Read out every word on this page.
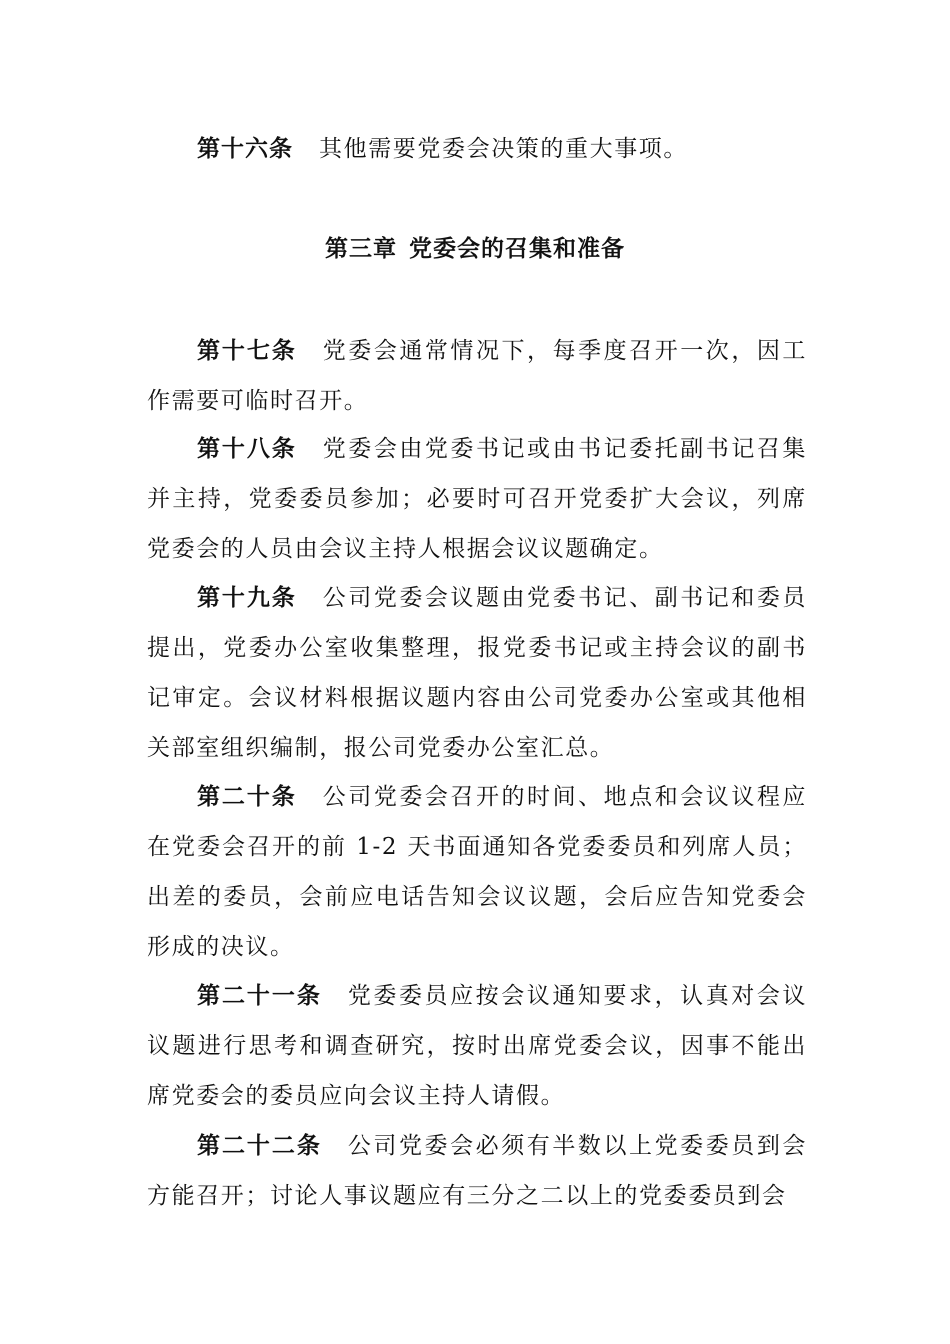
第十六条 其他需要党委会决策的重大事项。

第三章 党委会的召集和准备

第十七条 党委会通常情况下，每季度召开一次，因工作需要可临时召开。

第十八条 党委会由党委书记或由书记委托副书记召集并主持，党委委员参加；必要时可召开党委扩大会议，列席党委会的人员由会议主持人根据会议议题确定。

第十九条 公司党委会议题由党委书记、副书记和委员提出，党委办公室收集整理，报党委书记或主持会议的副书记审定。会议材料根据议题内容由公司党委办公室或其他相关部室组织编制，报公司党委办公室汇总。

第二十条 公司党委会召开的时间、地点和会议议程应在党委会召开的前 1-2 天书面通知各党委委员和列席人员；出差的委员，会前应电话告知会议议题，会后应告知党委会形成的决议。

第二十一条 党委委员应按会议通知要求，认真对会议议题进行思考和调查研究，按时出席党委会议，因事不能出席党委会的委员应向会议主持人请假。

第二十二条 公司党委会必须有半数以上党委委员到会方能召开；讨论人事议题应有三分之二以上的党委委员到会
